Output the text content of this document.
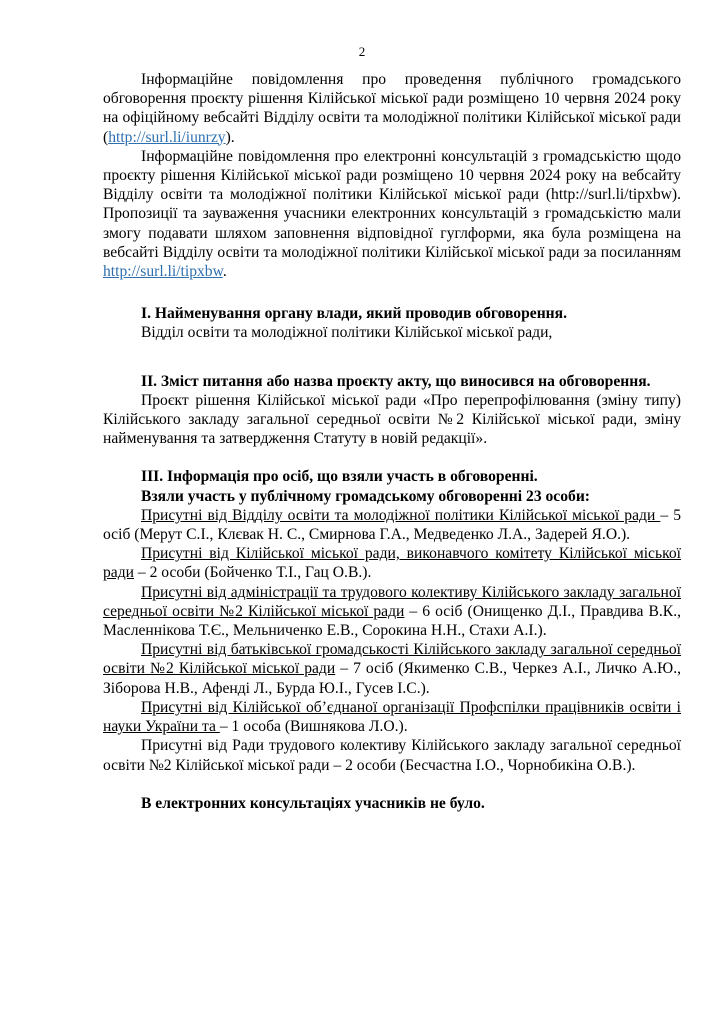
2

Інформаційне повідомлення про проведення публічного громадського обговорення проєкту рішення Кілійської міської ради розміщено 10 червня 2024 року на офіційному вебсайті Відділу освіти та молодіжної політики Кілійської міської ради (http://surl.li/iunrzy).

Інформаційне повідомлення про електронні консультацій з громадськістю щодо проєкту рішення Кілійської міської ради розміщено 10 червня 2024 року на вебсайту Відділу освіти та молодіжної політики Кілійської міської ради (http://surl.li/tipxbw). Пропозиції та зауваження учасники електронних консультацій з громадськістю мали змогу подавати шляхом заповнення відповідної гуглформи, яка була розміщена на вебсайті Відділу освіти та молодіжної політики Кілійської міської ради за посиланням http://surl.li/tipxbw.

І. Найменування органу влади, який проводив обговорення.

Відділ освіти та молодіжної політики Кілійської міської ради,

ІІ. Зміст питання або назва проєкту акту, що виносився на обговорення.

Проєкт рішення Кілійської міської ради «Про перепрофілювання (зміну типу) Кілійського закладу загальної середньої освіти №2 Кілійської міської ради, зміну найменування та затвердження Статуту в новій редакції».

ІІІ. Інформація про осіб, що взяли участь в обговоренні.

Взяли участь у публічному громадському обговоренні 23 особи:

Присутні від Відділу освіти та молодіжної політики Кілійської міської ради – 5 осіб (Мерут С.І., Клєвак Н. С., Смирнова Г.А., Медведенко Л.А., Задерей Я.О.).

Присутні від Кілійської міської ради, виконавчого комітету Кілійської міської ради – 2 особи (Бойченко Т.І., Гац О.В.).

Присутні від адміністрації та трудового колективу Кілійського закладу загальної середньої освіти №2 Кілійської міської ради – 6 осіб (Онищенко Д.І., Правдива В.К., Масленнікова Т.Є., Мельниченко Е.В., Сорокина Н.Н., Стахи А.І.).

Присутні від батьківської громадськості Кілійського закладу загальної середньої освіти №2 Кілійської міської ради – 7 осіб (Якименко С.В., Черкез А.І., Личко А.Ю., Зіборова Н.В., Афенді Л., Бурда Ю.І., Гусев І.С.).

Присутні від Кілійської об’єднаної організації Профспілки працівників освіти і науки України та – 1 особа (Вишнякова Л.О.).

Присутні від Ради трудового колективу Кілійського закладу загальної середньої освіти №2 Кілійської міської ради – 2 особи (Бесчастна І.О., Чорнобикіна О.В.).

В електронних консультаціях учасників не було.
